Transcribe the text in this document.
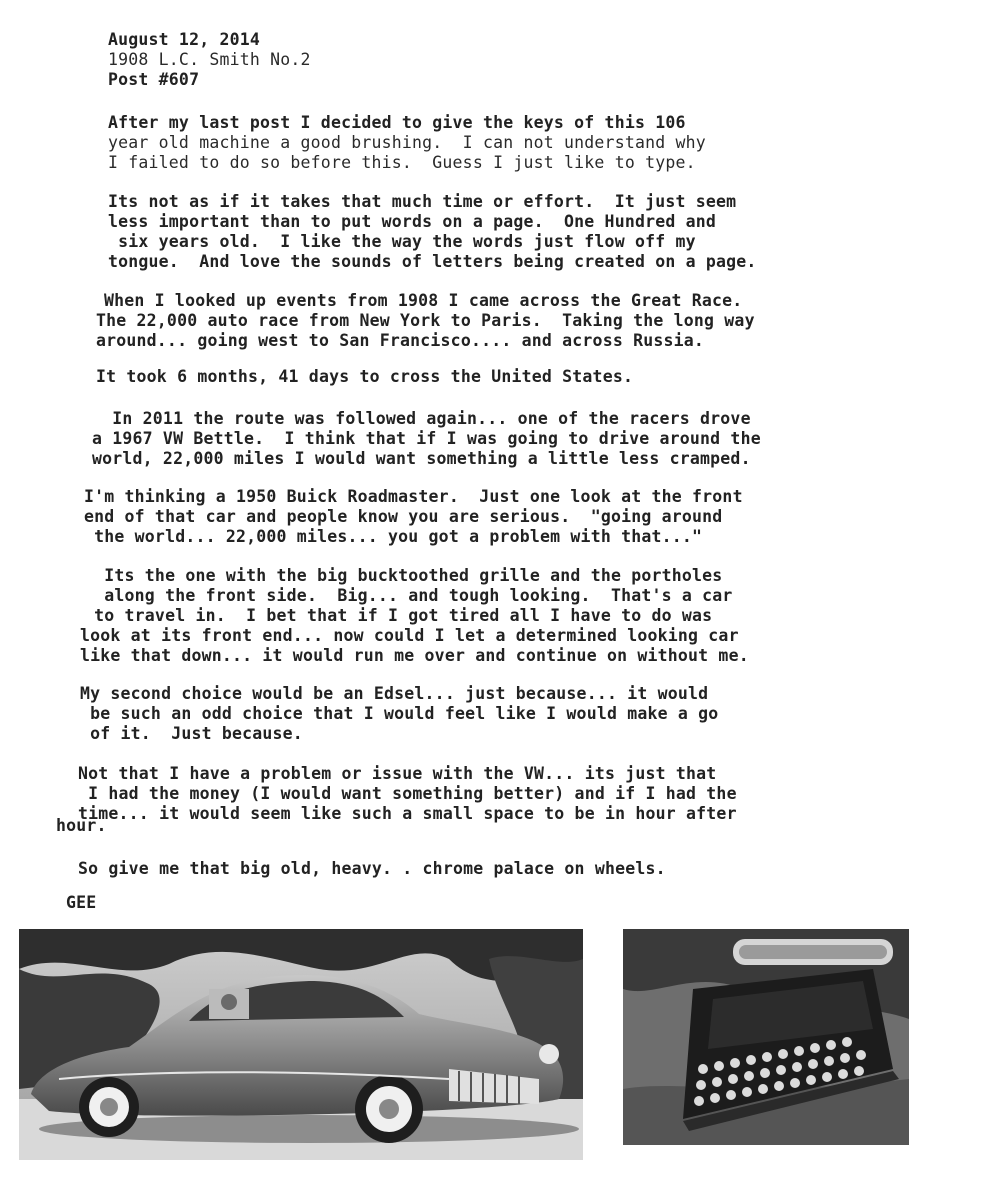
August 12, 2014
1908 L.C. Smith No.2
Post #607
After my last post I decided to give the keys of this 106
year old machine a good brushing.  I can not understand why
I failed to do so before this.  Guess I just like to type.
Its not as if it takes that much time or effort.  It just seem
less important than to put words on a page.  One Hundred and
six years old.  I like the way the words just flow off my
tongue.  And love the sounds of letters being created on a page.
When I looked up events from 1908 I came across the Great Race.
The 22,000 auto race from New York to Paris.  Taking the long way
around... going west to San Francisco.... and across Russia.
It took 6 months, 41 days to cross the United States.
In 2011 the route was followed again... one of the racers drove
a 1967 VW Bettle.  I think that if I was going to drive around the
world, 22,000 miles I would want something a little less cramped.
I'm thinking a 1950 Buick Roadmaster.  Just one look at the front
end of that car and people know you are serious.  "going around
the world... 22,000 miles... you got a problem with that..."
Its the one with the big bucktoothed grille and the portholes
along the front side.  Big... and tough looking.  That's a car
to travel in.  I bet that if I got tired all I have to do was
look at its front end... now could I let a determined looking car
like that down... it would run me over and continue on without me.
My second choice would be an Edsel... just because... it would
be such an odd choice that I would feel like I would make a go
of it.  Just because.
Not that I have a problem or issue with the VW... its just that
I had the money (I would want something better) and if I had the
time... it would seem like such a small space to be in hour after
hour.
So give me that big old, heavy. . chrome palace on wheels.
GEE
